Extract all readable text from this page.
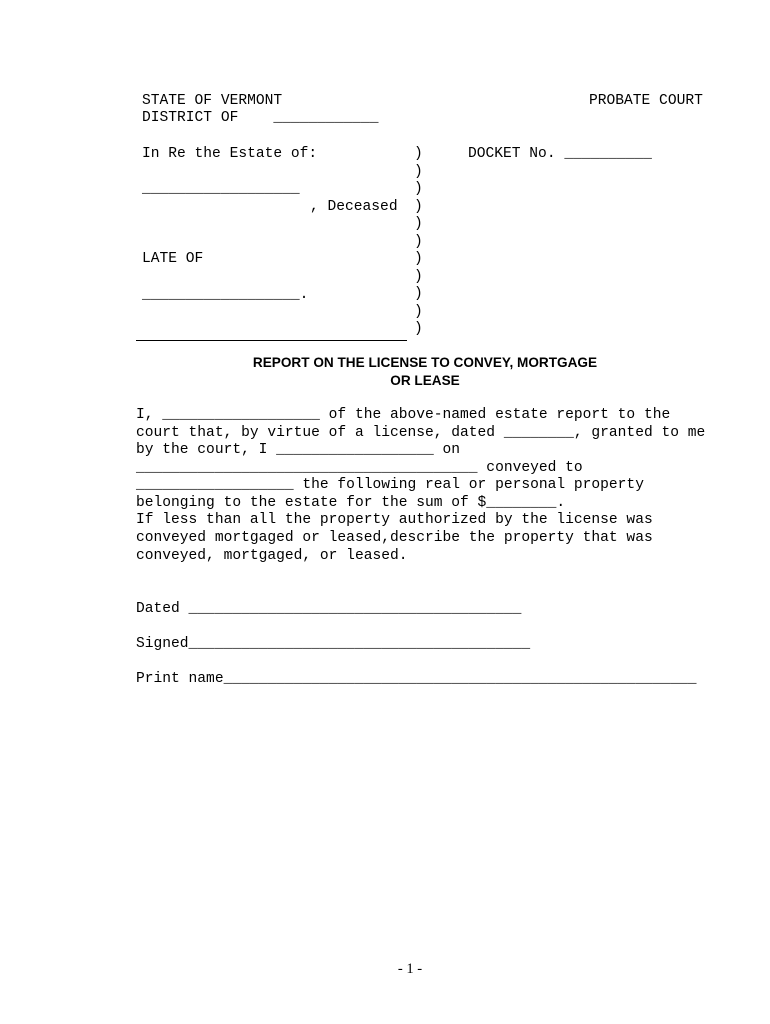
STATE OF VERMONT	PROBATE COURT
DISTRICT OF    ____________
In Re the Estate of:	DOCKET No. __________
__________________
, Deceased
LATE OF
__________________.
)
)
)
)
)
)
)
)
)
)
)
REPORT ON THE LICENSE TO CONVEY, MORTGAGE
OR LEASE
I, __________________ of the above-named estate report to the
court that, by virtue of a license, dated ________, granted to me
by the court, I __________________ on
_______________________________________ conveyed to
__________________ the following real or personal property
belonging to the estate for the sum of $________.
If less than all the property authorized by the license was
conveyed mortgaged or leased,describe the property that was
conveyed, mortgaged, or leased.
Dated ______________________________________
Signed_______________________________________
Print name______________________________________________________
- 1 -
